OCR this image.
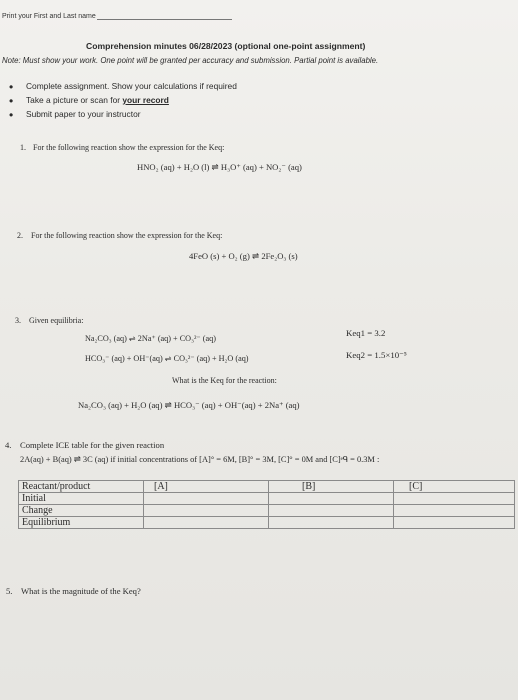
Print your First and Last name
Comprehension minutes 06/28/2023 (optional one-point assignment)
Note: Must show your work. One point will be granted per accuracy and submission. Partial point is available.
• Complete assignment. Show your calculations if required
• Take a picture or scan for your record
• Submit paper to your instructor
1. For the following reaction show the expression for the Keq:
HNO₂ (aq) + H₂O (l) ⇌ H₃O⁺ (aq) + NO₂⁻ (aq)
2. For the following reaction show the expression for the Keq:
4FeO (s) + O₂ (g) ⇌ 2Fe₂O₃ (s)
3. Given equilibria:
Na₂CO₃ (aq) ⇌ 2Na⁺ (aq) + CO₃²⁻ (aq)
Keq1 = 3.2
HCO₃⁻ (aq) + OH⁻(aq) ⇌ CO₃²⁻ (aq) + H₂O (aq)	Keq2 = 1.5×10⁻⁵
What is the Keq for the reaction:
Na₂CO₃ (aq) + H₂O (aq) ⇌ HCO₃⁻ (aq) + OH⁻(aq) + 2Na⁺ (aq)
4. Complete ICE table for the given reaction
2A(aq) + B(aq) ⇌ 3C (aq) if initial concentrations of [A]° = 6M, [B]° = 3M, [C]° = 0M and [C]ᵉᑫ = 0.3M :
Reactant/product	[A]	[B]	[C]
Initial			
Change			
Equilibrium			
5. What is the magnitude of the Keq?
